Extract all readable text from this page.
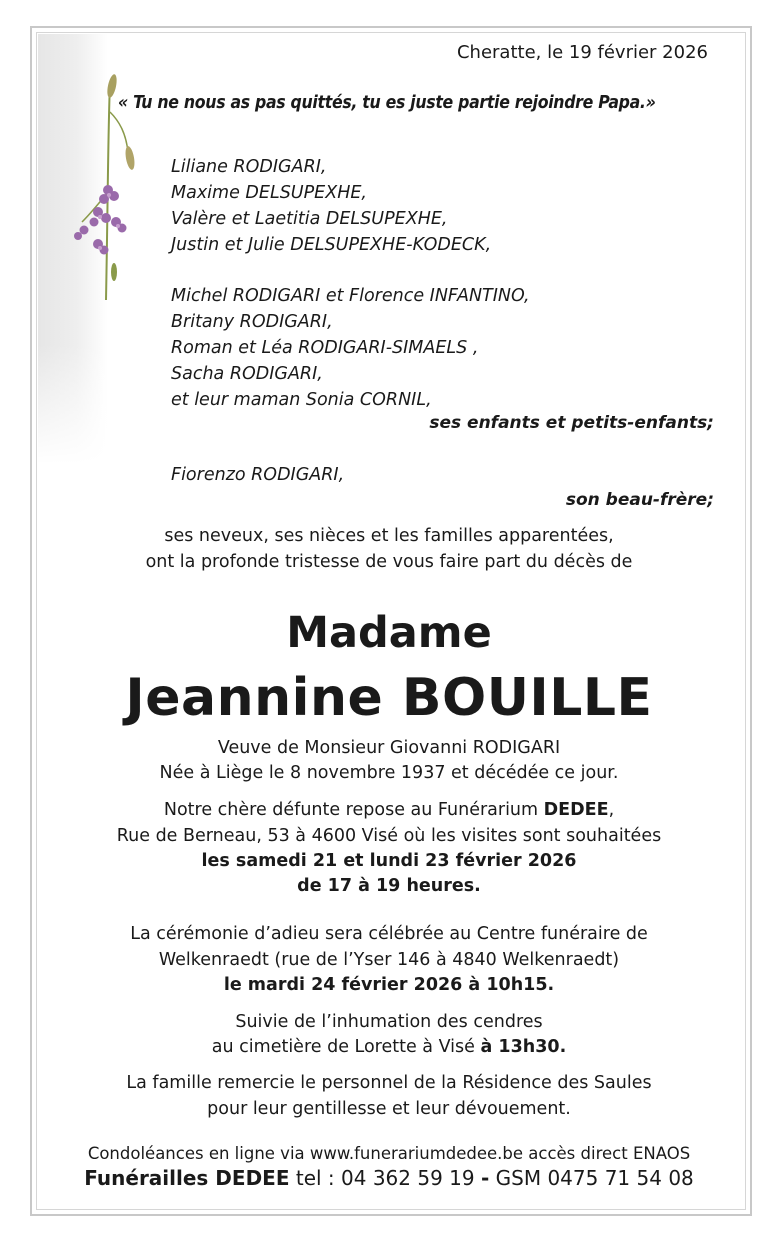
Cheratte, le 19 février 2026
« Tu ne nous as pas quittés, tu es juste partie rejoindre Papa.»
Liliane RODIGARI,
Maxime DELSUPEXHE,
Valère et Laetitia DELSUPEXHE,
Justin et Julie DELSUPEXHE-KODECK,
Michel RODIGARI et Florence INFANTINO,
Britany RODIGARI,
Roman et Léa RODIGARI-SIMAELS ,
Sacha RODIGARI,
et leur maman Sonia CORNIL,
ses enfants et petits-enfants;
Fiorenzo RODIGARI,
son beau-frère;
ses neveux, ses nièces et les familles apparentées,
ont la profonde tristesse de vous faire part du décès de
Madame
Jeannine BOUILLE
Veuve de Monsieur Giovanni RODIGARI
Née à Liège le 8 novembre 1937 et décédée ce jour.
Notre chère défunte repose au Funérarium DEDEE,
Rue de Berneau, 53 à 4600 Visé où les visites sont souhaitées
les samedi 21 et lundi 23 février 2026
de 17 à 19 heures.
La cérémonie d’adieu sera célébrée au Centre funéraire de
Welkenraedt (rue de l’Yser 146 à 4840 Welkenraedt)
le mardi 24 février 2026 à 10h15.
Suivie de l’inhumation des cendres
au cimetière de Lorette à Visé à 13h30.
La famille remercie le personnel de la Résidence des Saules
pour leur gentillesse et leur dévouement.
Condoléances en ligne via www.funerariumdedee.be accès direct ENAOS
Funérailles DEDEE tel : 04 362 59 19 - GSM 0475 71 54 08
